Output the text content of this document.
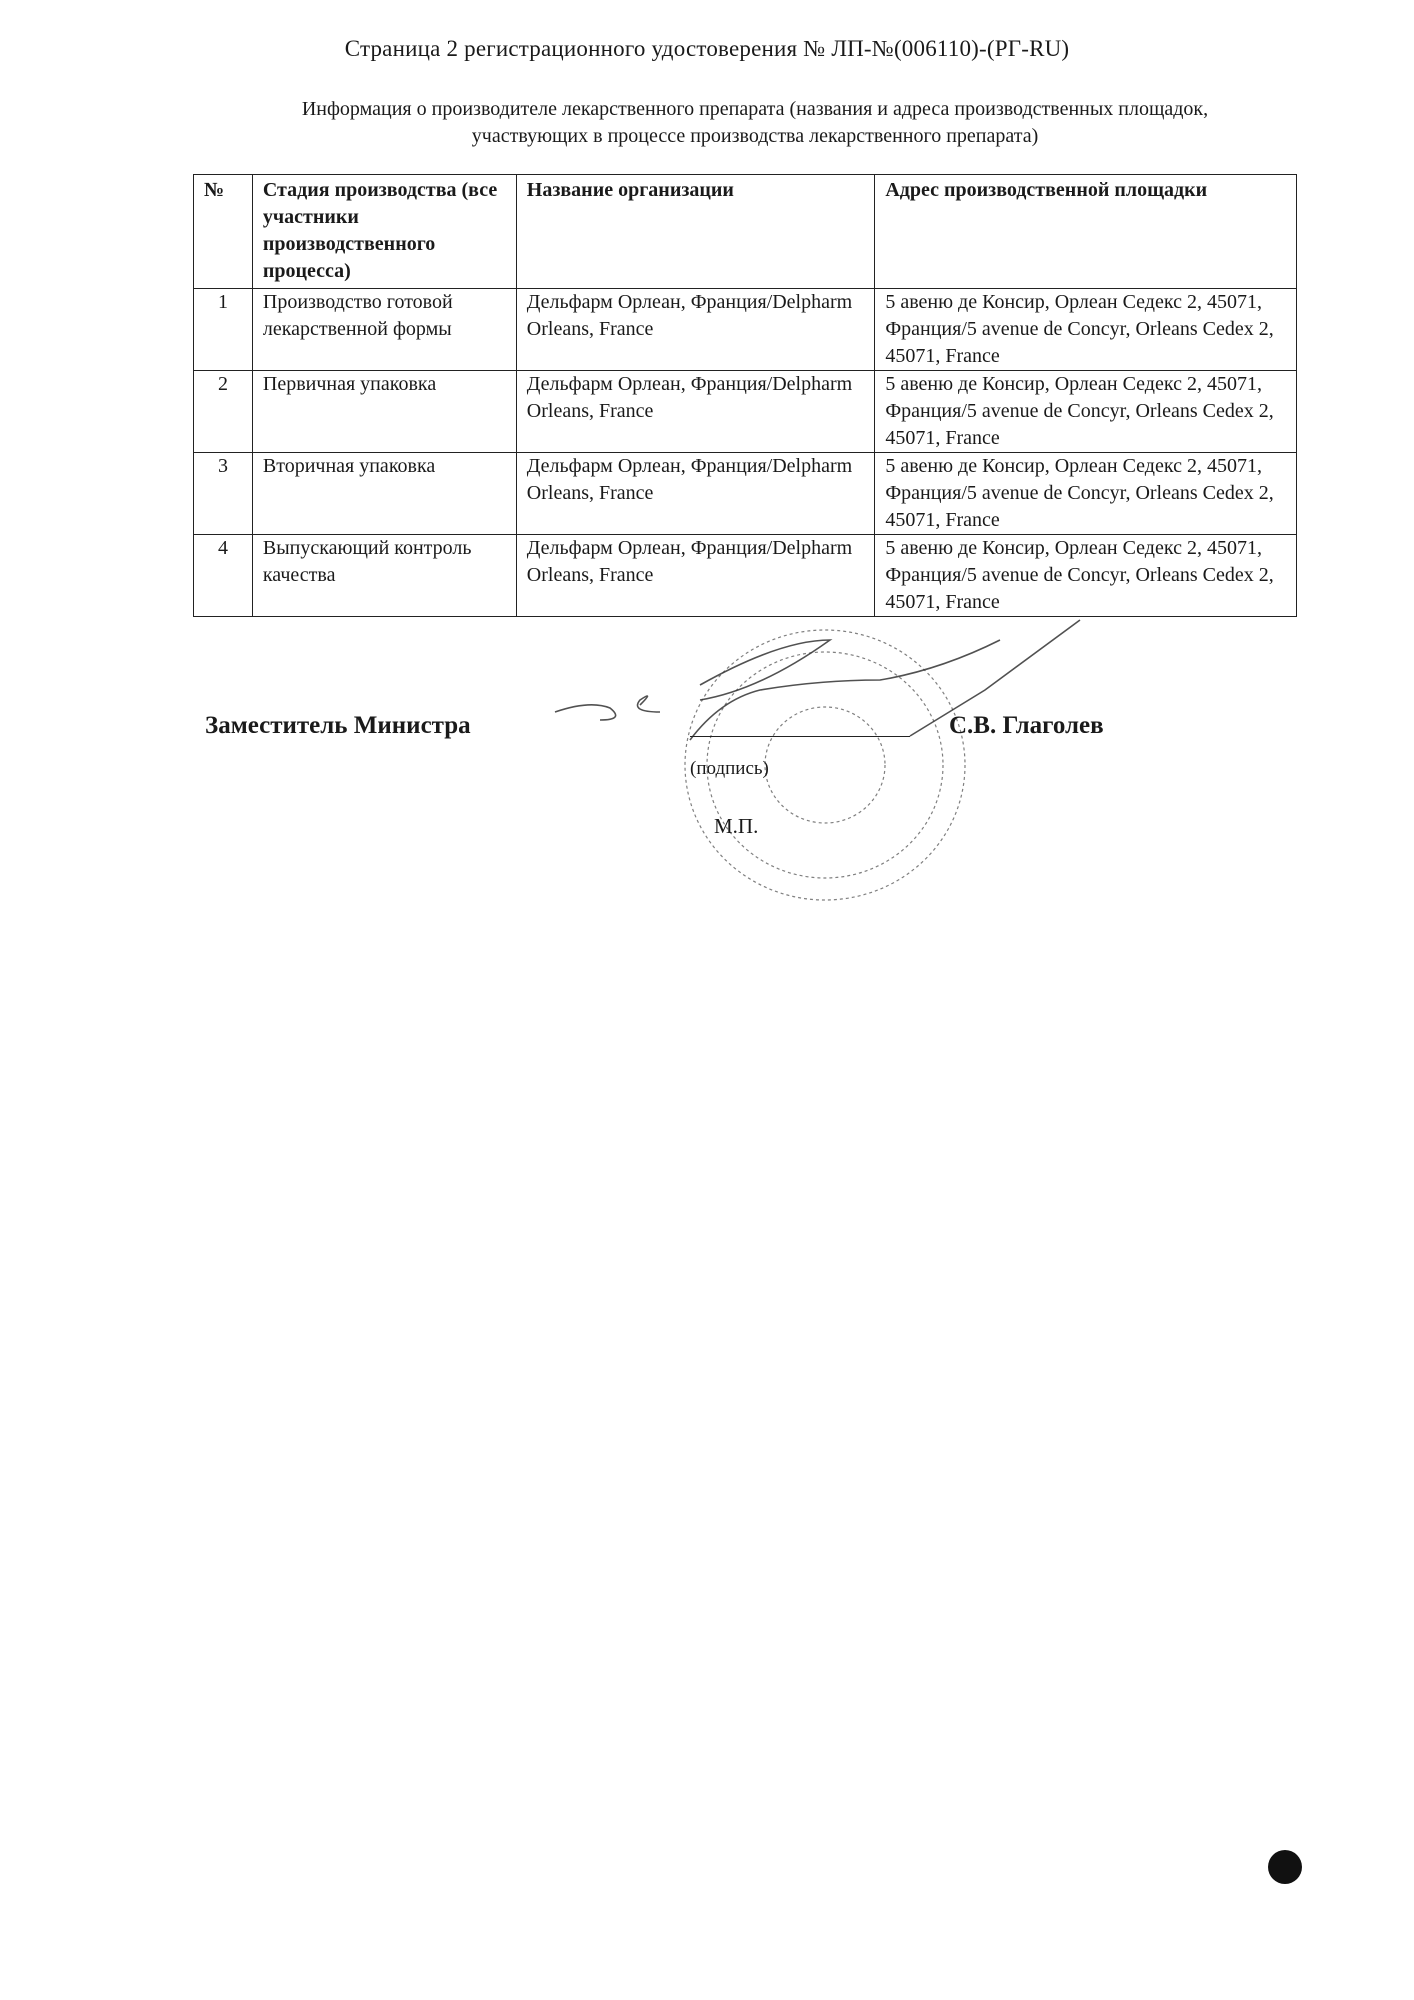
Страница 2 регистрационного удостоверения № ЛП-№(006110)-(РГ-RU)
Информация о производителе лекарственного препарата (названия и адреса производственных площадок,
участвующих в процессе производства лекарственного препарата)
№	Стадия производства (все участники производственного процесса)	Название организации	Адрес производственной площадки
1	Производство готовой лекарственной формы	Дельфарм Орлеан, Франция/Delpharm Orleans, France	5 авеню де Консир, Орлеан Седекс 2, 45071, Франция/5 avenue de Concyr, Orleans Cedex 2, 45071, France
2	Первичная упаковка	Дельфарм Орлеан, Франция/Delpharm Orleans, France	5 авеню де Консир, Орлеан Седекс 2, 45071, Франция/5 avenue de Concyr, Orleans Cedex 2, 45071, France
3	Вторичная упаковка	Дельфарм Орлеан, Франция/Delpharm Orleans, France	5 авеню де Консир, Орлеан Седекс 2, 45071, Франция/5 avenue de Concyr, Orleans Cedex 2, 45071, France
4	Выпускающий контроль качества	Дельфарм Орлеан, Франция/Delpharm Orleans, France	5 авеню де Консир, Орлеан Седекс 2, 45071, Франция/5 avenue de Concyr, Orleans Cedex 2, 45071, France
Заместитель Министра	С.В. Глаголев
(подпись)
М.П.
